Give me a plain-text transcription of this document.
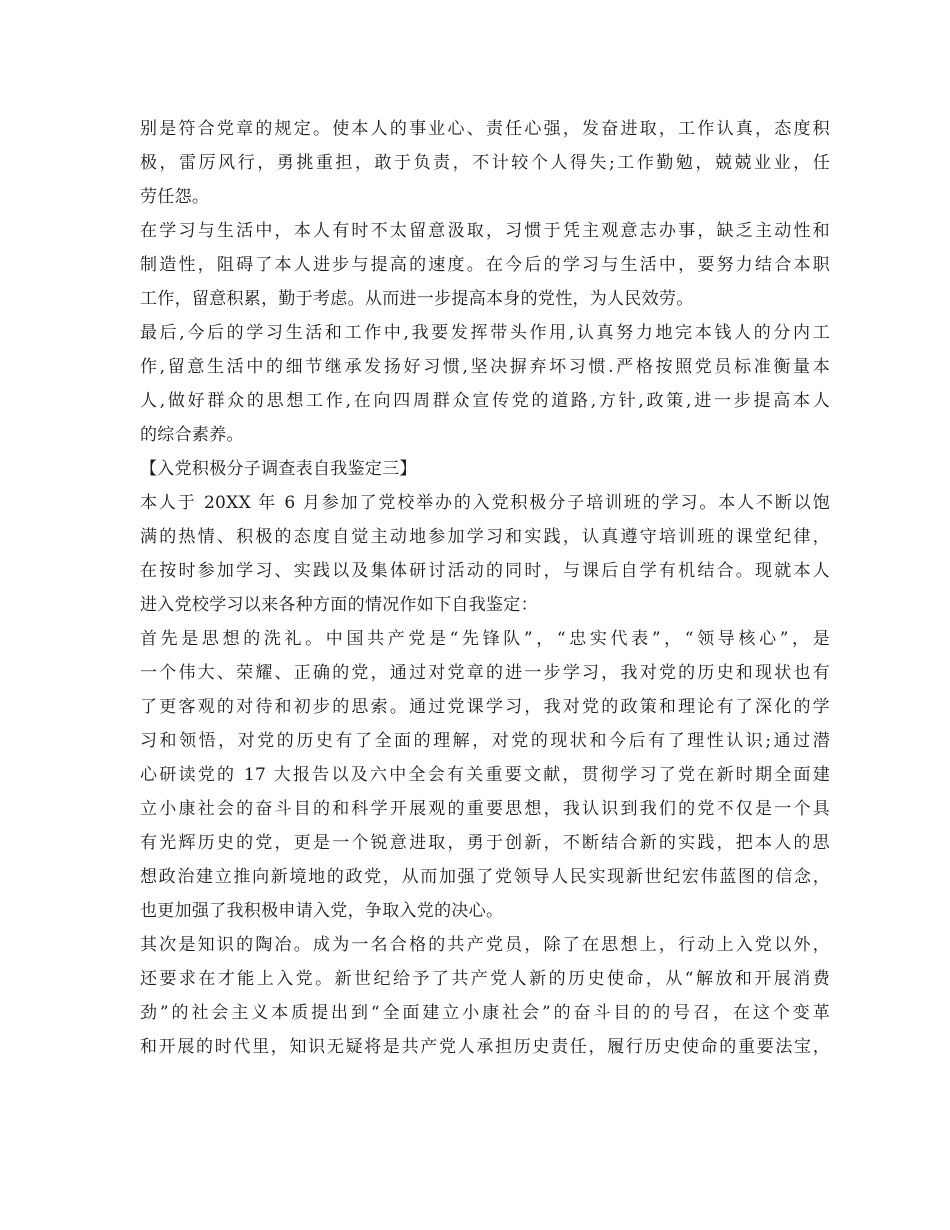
别是符合党章的规定。使本人的事业心、责任心强，发奋进取，工作认真，态度积
极，雷厉风行，勇挑重担，敢于负责，不计较个人得失;工作勤勉，兢兢业业，任
劳任怨。
在学习与生活中，本人有时不太留意汲取，习惯于凭主观意志办事，缺乏主动性和
制造性，阻碍了本人进步与提高的速度。在今后的学习与生活中，要努力结合本职
工作，留意积累，勤于考虑。从而进一步提高本身的党性，为人民效劳。
最后,今后的学习生活和工作中,我要发挥带头作用,认真努力地完本钱人的分内工
作,留意生活中的细节继承发扬好习惯,坚决摒弃坏习惯.严格按照党员标准衡量本
人,做好群众的思想工作,在向四周群众宣传党的道路,方针,政策,进一步提高本人
的综合素养。
【入党积极分子调查表自我鉴定三】
本人于 20XX 年 6 月参加了党校举办的入党积极分子培训班的学习。本人不断以饱
满的热情、积极的态度自觉主动地参加学习和实践，认真遵守培训班的课堂纪律，
在按时参加学习、实践以及集体研讨活动的同时，与课后自学有机结合。现就本人
进入党校学习以来各种方面的情况作如下自我鉴定：
首先是思想的洗礼。中国共产党是“先锋队”，“忠实代表”，“领导核心”，是
一个伟大、荣耀、正确的党，通过对党章的进一步学习，我对党的历史和现状也有
了更客观的对待和初步的思索。通过党课学习，我对党的政策和理论有了深化的学
习和领悟，对党的历史有了全面的理解，对党的现状和今后有了理性认识;通过潜
心研读党的 17 大报告以及六中全会有关重要文献，贯彻学习了党在新时期全面建
立小康社会的奋斗目的和科学开展观的重要思想，我认识到我们的党不仅是一个具
有光辉历史的党，更是一个锐意进取，勇于创新，不断结合新的实践，把本人的思
想政治建立推向新境地的政党，从而加强了党领导人民实现新世纪宏伟蓝图的信念，
也更加强了我积极申请入党，争取入党的决心。
其次是知识的陶冶。成为一名合格的共产党员，除了在思想上，行动上入党以外，
还要求在才能上入党。新世纪给予了共产党人新的历史使命，从“解放和开展消费
劲”的社会主义本质提出到“全面建立小康社会”的奋斗目的的号召，在这个变革
和开展的时代里，知识无疑将是共产党人承担历史责任，履行历史使命的重要法宝，
